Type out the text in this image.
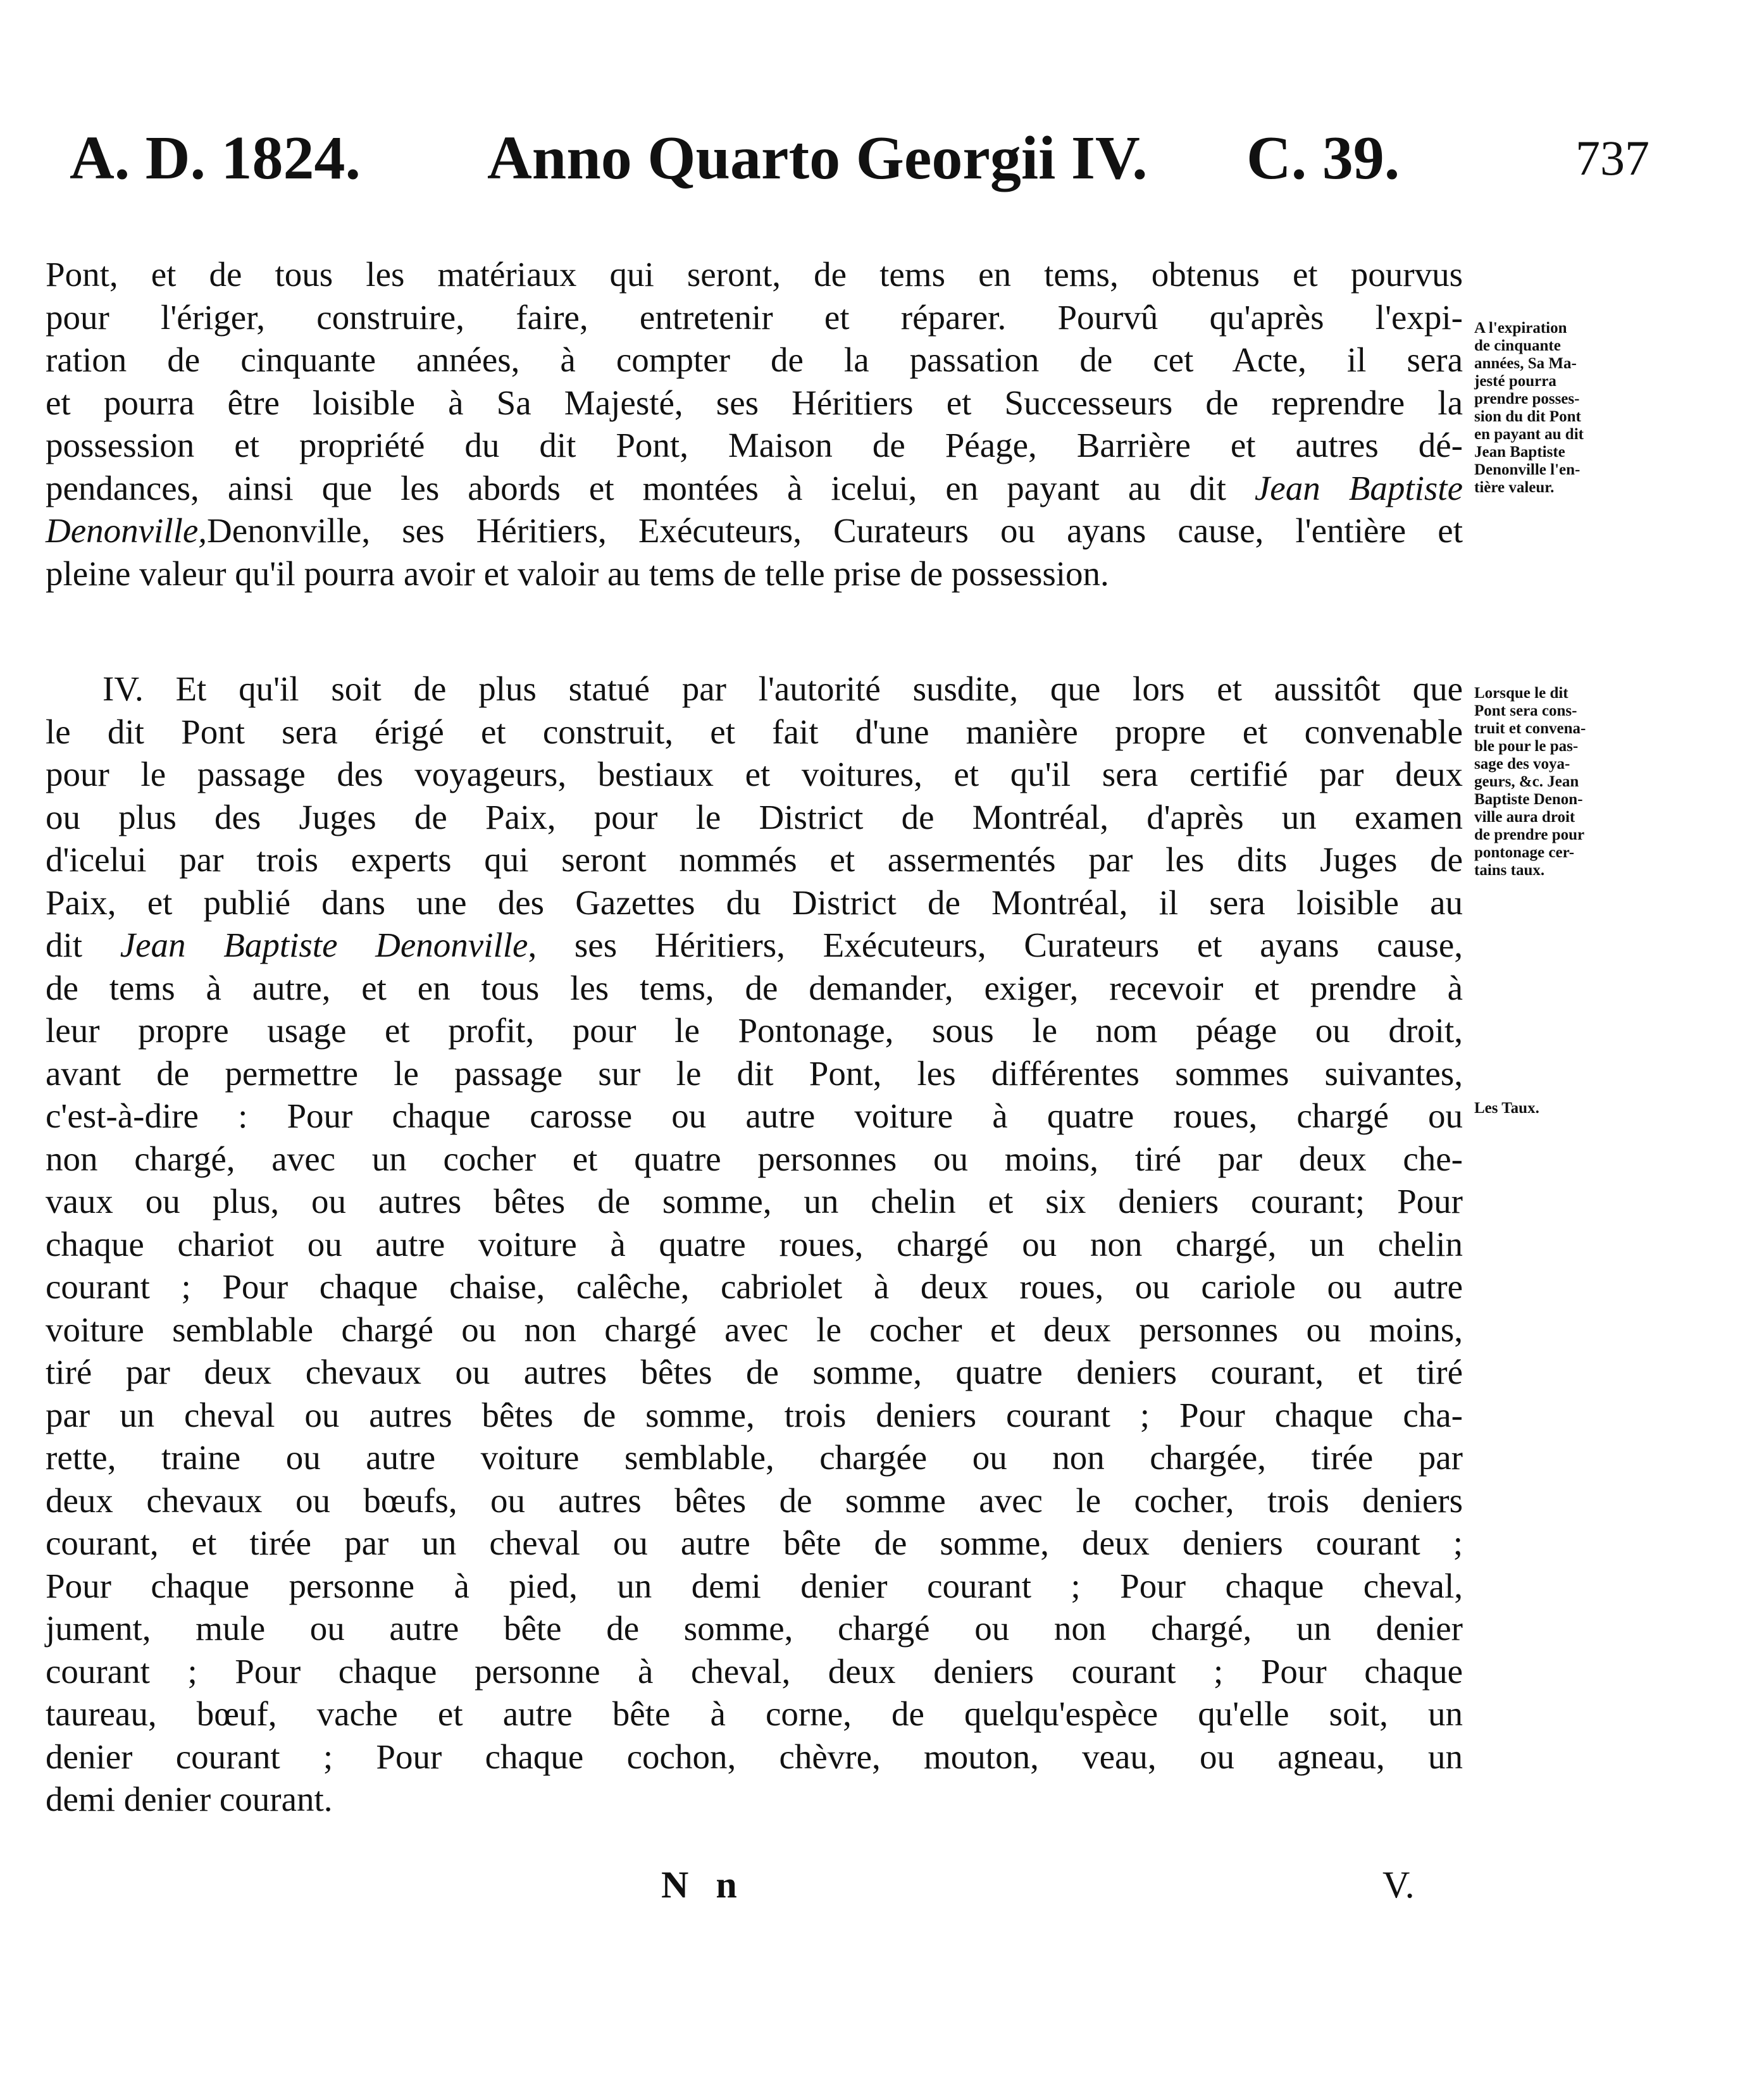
A. D. 1824. Anno Quarto Georgii IV. C. 39.	737
Pont, et de tous les matériaux qui seront, de tems en tems, obtenus et pourvus
pour l'ériger, construire, faire, entretenir et réparer. Pourvû qu'après l'expi-
ration de cinquante années, à compter de la passation de cet Acte, il sera
et pourra être loisible à Sa Majesté, ses Héritiers et Successeurs de reprendre la
possession et propriété du dit Pont, Maison de Péage, Barrière et autres dé-
pendances, ainsi que les abords et montées à icelui, en payant au dit Jean Baptiste
Denonville,Denonville, ses Héritiers, Exécuteurs, Curateurs ou ayans cause, l'entière et
pleine valeur qu'il pourra avoir et valoir au tems de telle prise de possession.
A l'expiration
de cinquante
années, Sa Ma-
jesté pourra
prendre posses-
sion du dit Pont
en payant au dit
Jean Baptiste
Denonville l'en-
tière valeur.
IV. Et qu'il soit de plus statué par l'autorité susdite, que lors et aussitôt que
le dit Pont sera érigé et construit, et fait d'une manière propre et convenable
pour le passage des voyageurs, bestiaux et voitures, et qu'il sera certifié par deux
ou plus des Juges de Paix, pour le District de Montréal, d'après un examen
d'icelui par trois experts qui seront nommés et assermentés par les dits Juges de
Paix, et publié dans une des Gazettes du District de Montréal, il sera loisible au
dit Jean Baptiste Denonville, ses Héritiers, Exécuteurs, Curateurs et ayans cause,
de tems à autre, et en tous les tems, de demander, exiger, recevoir et prendre à
leur propre usage et profit, pour le Pontonage, sous le nom péage ou droit,
avant de permettre le passage sur le dit Pont, les différentes sommes suivantes,
c'est-à-dire : Pour chaque carosse ou autre voiture à quatre roues, chargé ou
non chargé, avec un cocher et quatre personnes ou moins, tiré par deux che-
vaux ou plus, ou autres bêtes de somme, un chelin et six deniers courant; Pour
chaque chariot ou autre voiture à quatre roues, chargé ou non chargé, un chelin
courant ; Pour chaque chaise, calêche, cabriolet à deux roues, ou cariole ou autre
voiture semblable chargé ou non chargé avec le cocher et deux personnes ou moins,
tiré par deux chevaux ou autres bêtes de somme, quatre deniers courant, et tiré
par un cheval ou autres bêtes de somme, trois deniers courant ; Pour chaque cha-
rette, traine ou autre voiture semblable, chargée ou non chargée, tirée par
deux chevaux ou bœufs, ou autres bêtes de somme avec le cocher, trois deniers
courant, et tirée par un cheval ou autre bête de somme, deux deniers courant ;
Pour chaque personne à pied, un demi denier courant ; Pour chaque cheval,
jument, mule ou autre bête de somme, chargé ou non chargé, un denier
courant ; Pour chaque personne à cheval, deux deniers courant ; Pour chaque
taureau, bœuf, vache et autre bête à corne, de quelqu'espèce qu'elle soit, un
denier courant ; Pour chaque cochon, chèvre, mouton, veau, ou agneau, un
demi denier courant.
Lorsque le dit
Pont sera cons-
truit et convena-
ble pour le pas-
sage des voya-
geurs, &c. Jean
Baptiste Denon-
ville aura droit
de prendre pour
pontonage cer-
tains taux.
Les Taux.
N n	V.
